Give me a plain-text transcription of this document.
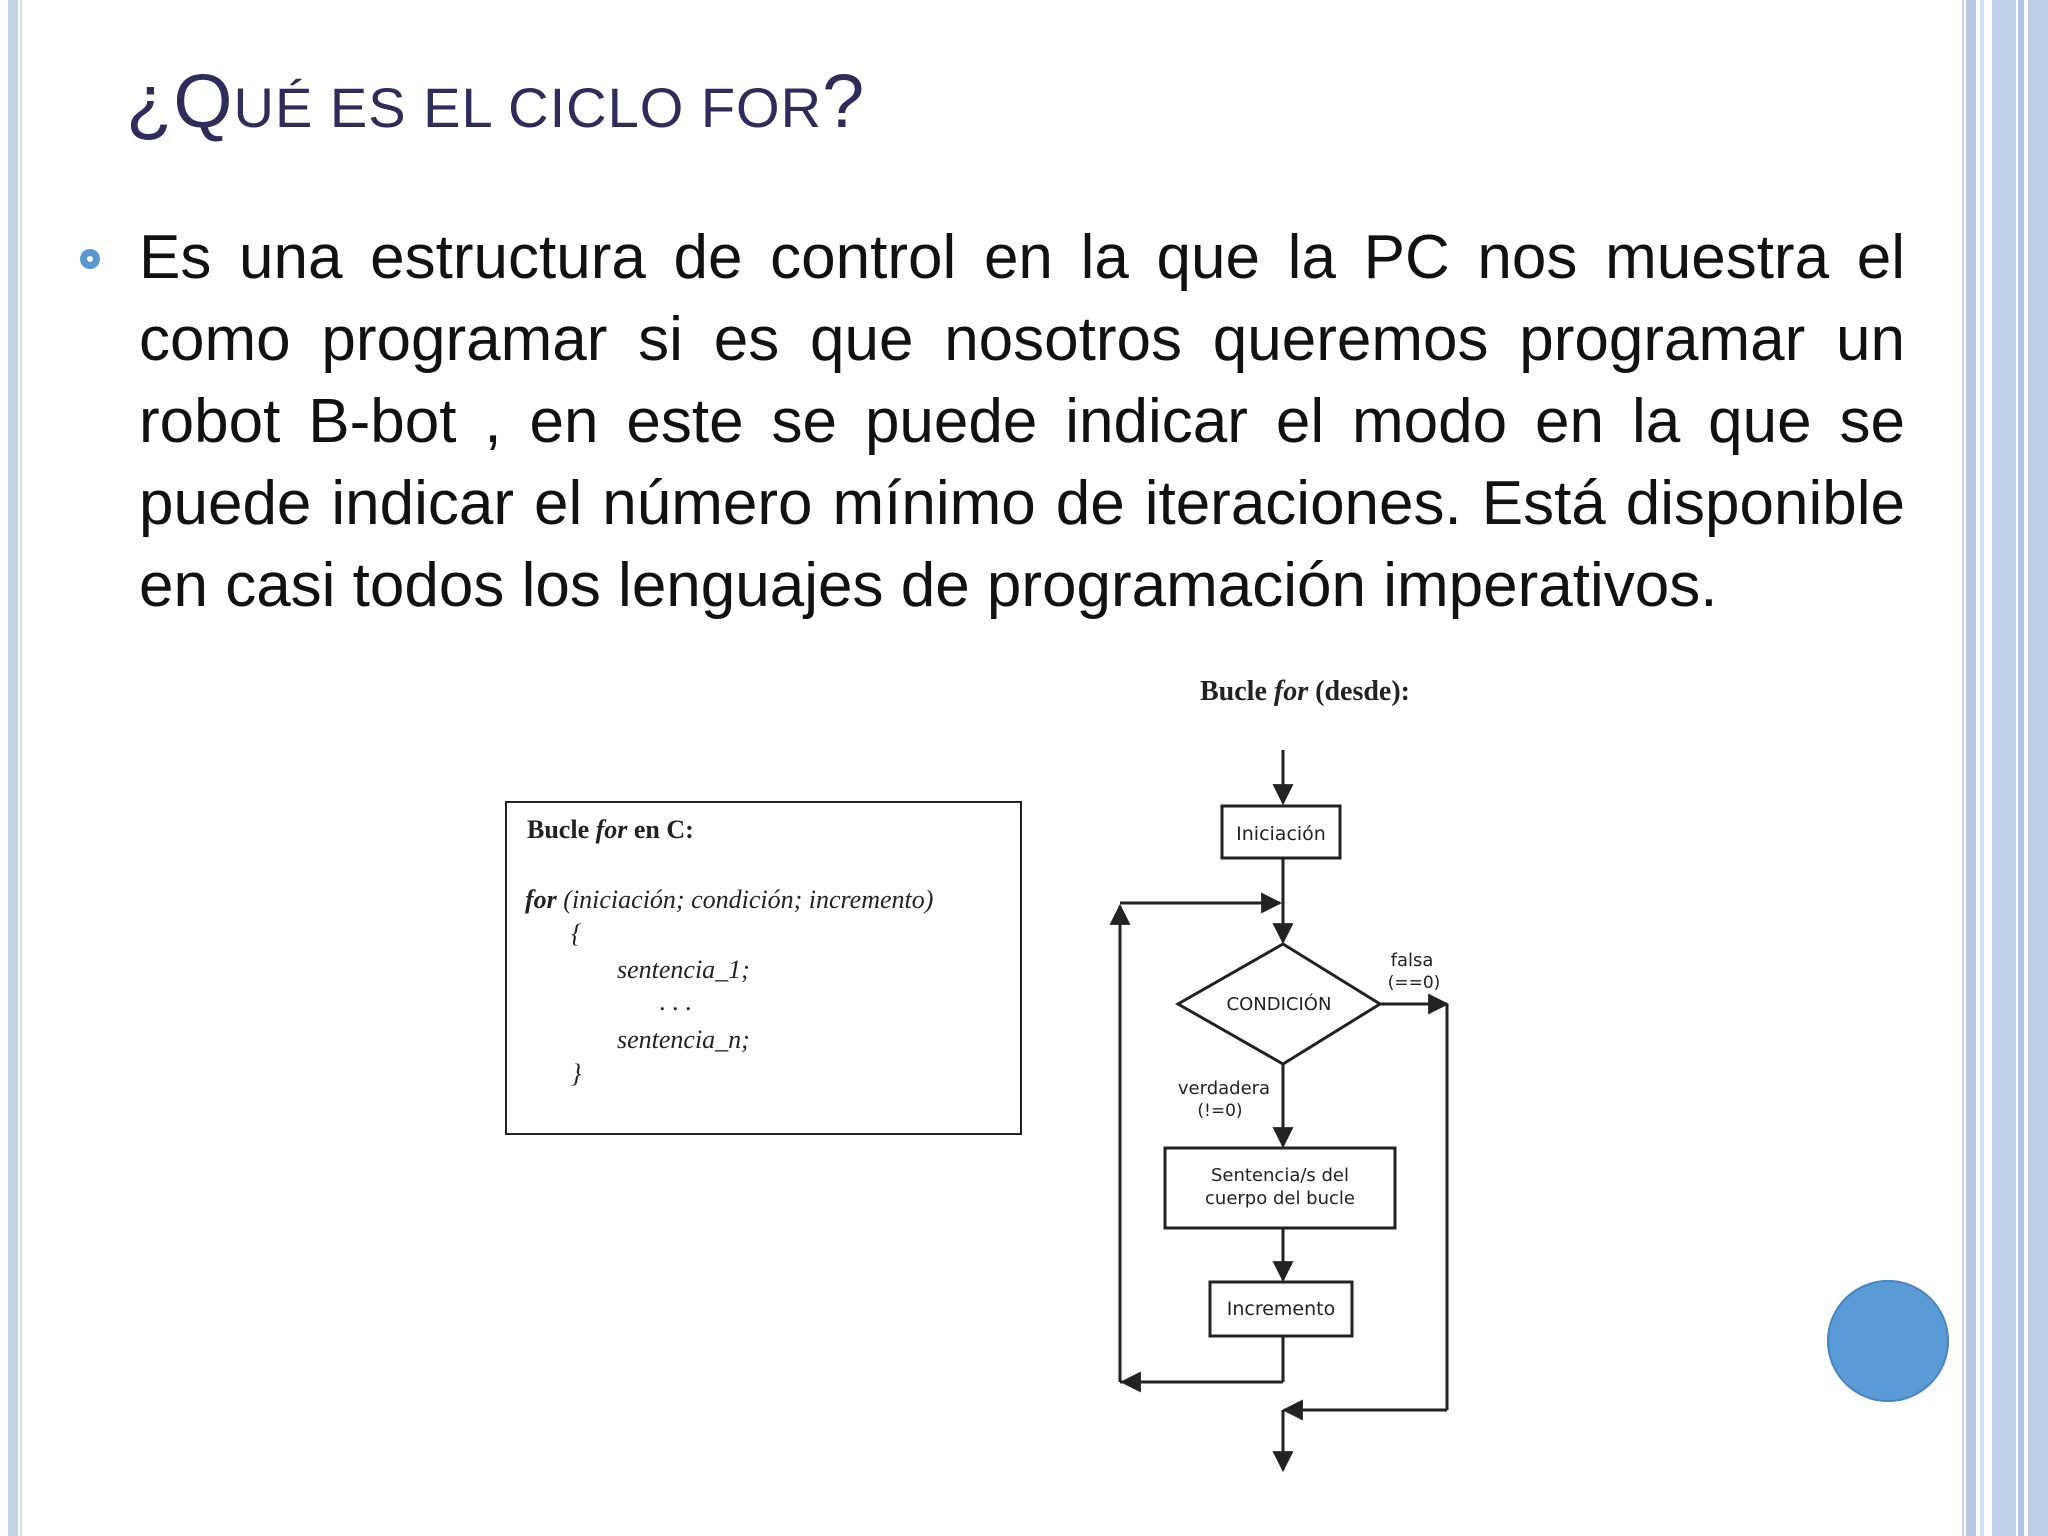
¿QUÉ ES EL CICLO FOR?

Es una estructura de control en la que la PC nos muestra el como programar si es que nosotros queremos programar un robot B-bot , en este se puede indicar el modo en la que se puede indicar el número mínimo de iteraciones. Está disponible en casi todos los lenguajes de programación imperativos.

Bucle for en C:
for (iniciación; condición; incremento)
{
sentencia_1;
. . .
sentencia_n;
}
Bucle for (desde):
Iniciación
CONDICIÓN
falsa
(==0)
verdadera
(!=0)
Sentencia/s del
cuerpo del bucle
Incremento
